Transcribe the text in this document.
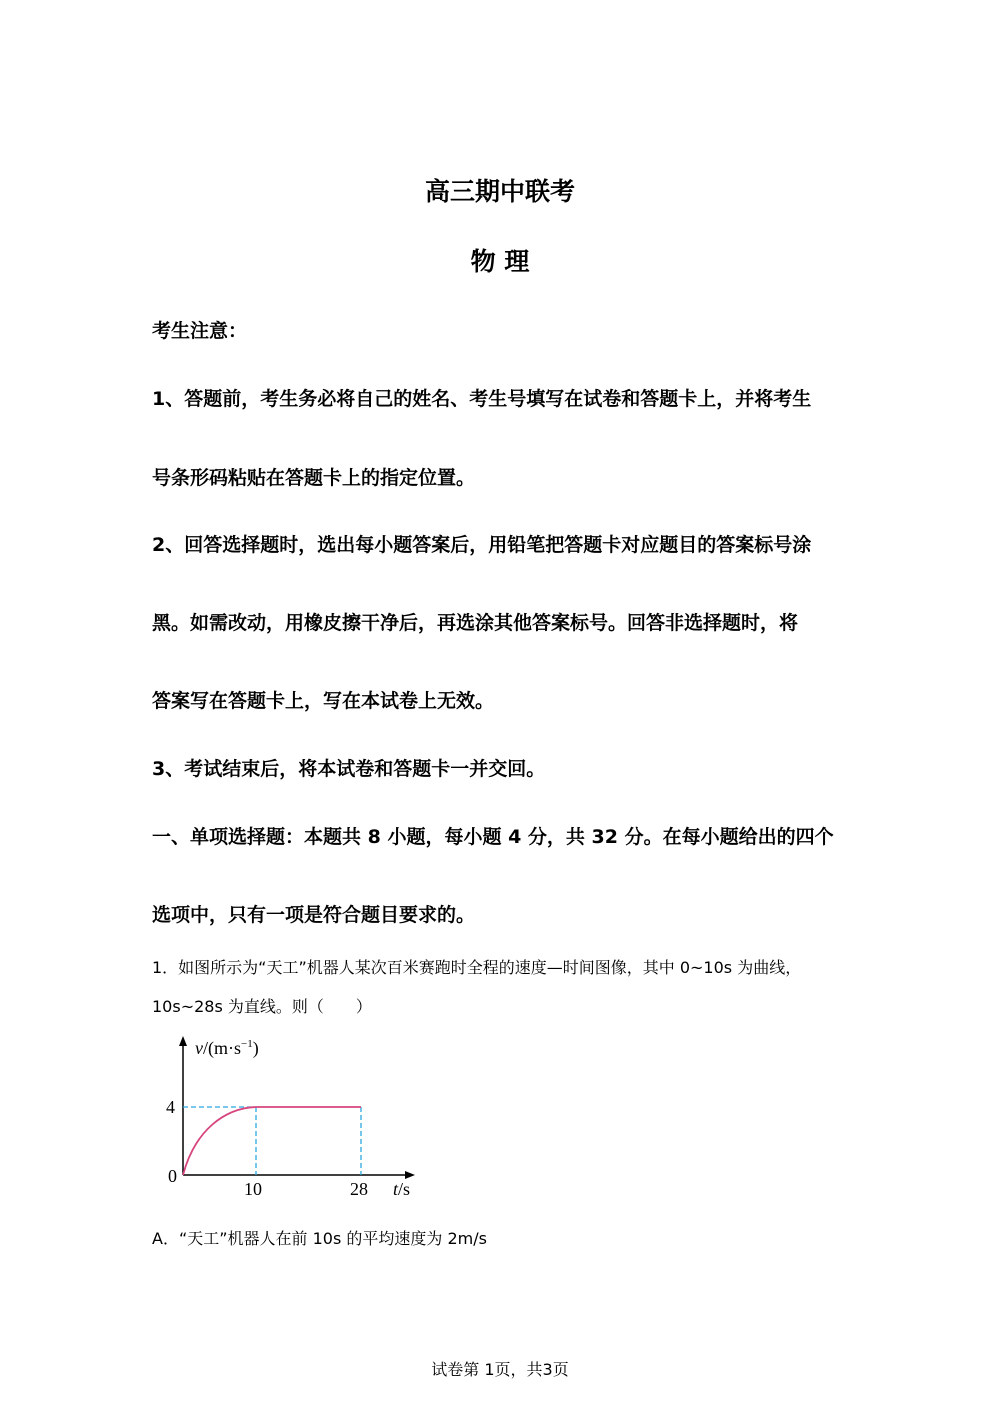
高三期中联考
物 理
考生注意：
1、答题前，考生务必将自己的姓名、考生号填写在试卷和答题卡上，并将考生
号条形码粘贴在答题卡上的指定位置。
2、回答选择题时，选出每小题答案后，用铅笔把答题卡对应题目的答案标号涂
黑。如需改动，用橡皮擦干净后，再选涂其他答案标号。回答非选择题时，将
答案写在答题卡上，写在本试卷上无效。
3、考试结束后，将本试卷和答题卡一并交回。
一、单项选择题：本题共 8 小题，每小题 4 分，共 32 分。在每小题给出的四个
选项中，只有一项是符合题目要求的。
1．如图所示为“天工”机器人某次百米赛跑时全程的速度—时间图像，其中 0~10s 为曲线，
10s~28s 为直线。则（　　）
$v/(m\cdot s^{-1})$
4
0
10	28 t/s
A．“天工”机器人在前 10s 的平均速度为 2m/s
试卷第 1页，共3页
